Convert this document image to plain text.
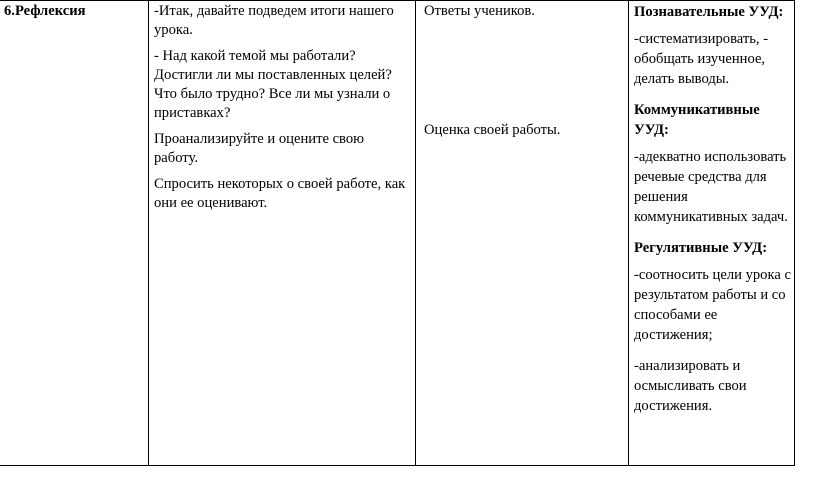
6.Рефлексия	-Итак, давайте подведем итоги нашего урока.

- Над какой темой мы работали? Достигли ли мы поставленных целей? Что было трудно? Все ли мы узнали о приставках?

Проанализируйте и оцените свою работу.

Спросить некоторых о своей работе, как они ее оценивают.

Ответы учеников.

Оценка своей работы.

Познавательные УУД:

-систематизировать, - обобщать изученное, делать выводы.

Коммуникативные УУД:

-адекватно использовать речевые средства для решения коммуникативных задач.

Регулятивные УУД:

-соотносить цели урока с результатом работы и со способами ее достижения;

-анализировать и осмысливать свои достижения.
